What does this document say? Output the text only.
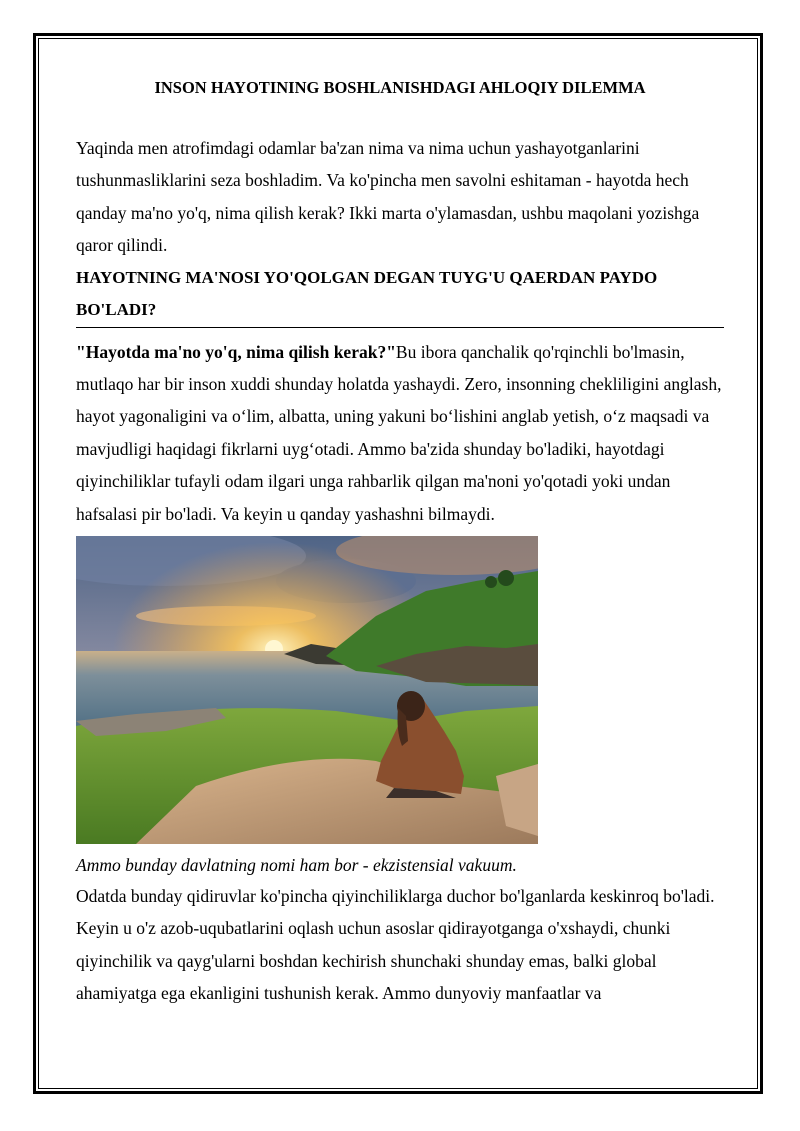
INSON HAYOTINING BOSHLANISHDAGI AHLOQIY DILEMMA

Yaqinda men atrofimdagi odamlar ba'zan nima va nima uchun yashayotganlarini tushunmasliklarini seza boshladim. Va ko'pincha men savolni eshitaman - hayotda hech qanday ma'no yo'q, nima qilish kerak? Ikki marta o'ylamasdan, ushbu maqolani yozishga qaror qilindi.

HAYOTNING MA'NOSI YO'QOLGAN DEGAN TUYG'U QAERDAN PAYDO BO'LADI?

"Hayotda ma'no yo'q, nima qilish kerak?"Bu ibora qanchalik qo'rqinchli bo'lmasin, mutlaqo har bir inson xuddi shunday holatda yashaydi. Zero, insonning chekliligini anglash, hayot yagonaligini va o‘lim, albatta, uning yakuni bo‘lishini anglab yetish, o‘z maqsadi va mavjudligi haqidagi fikrlarni uyg‘otadi. Ammo ba'zida shunday bo'ladiki, hayotdagi qiyinchiliklar tufayli odam ilgari unga rahbarlik qilgan ma'noni yo'qotadi yoki undan hafsalasi pir bo'ladi. Va keyin u qanday yashashni bilmaydi.

Ammo bunday davlatning nomi ham bor - ekzistensial vakuum.

Odatda bunday qidiruvlar ko'pincha qiyinchiliklarga duchor bo'lganlarda keskinroq bo'ladi. Keyin u o'z azob-uqubatlarini oqlash uchun asoslar qidirayotganga o'xshaydi, chunki qiyinchilik va qayg'ularni boshdan kechirish shunchaki shunday emas, balki global ahamiyatga ega ekanligini tushunish kerak. Ammo dunyoviy manfaatlar va
